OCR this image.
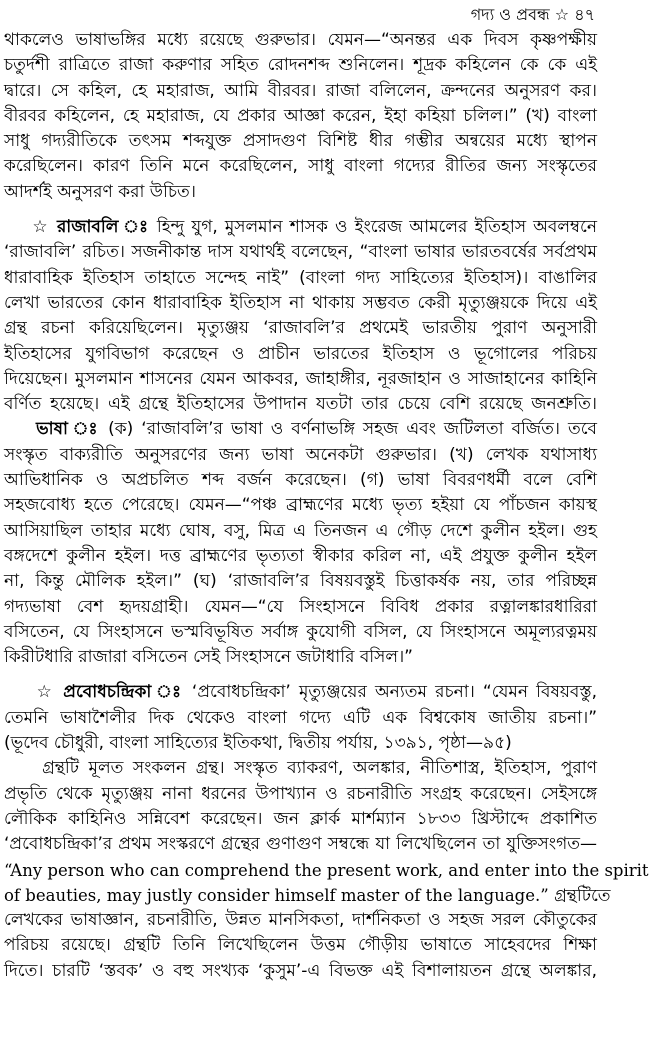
গদ্য ও প্রবন্ধ ☆ ৪৭
থাকলেও ভাষাভঙ্গির মধ্যে রয়েছে গুরুভার। যেমন—“অনন্তর এক দিবস কৃষ্ণপক্ষীয়
চতুর্দশী রাত্রিতে রাজা করুণার সহিত রোদনশব্দ শুনিলেন। শূদ্রক কহিলেন কে কে এই
দ্বারে। সে কহিল, হে মহারাজ, আমি বীরবর। রাজা বলিলেন, ক্রন্দনের অনুসরণ কর।
বীরবর কহিলেন, হে মহারাজ, যে প্রকার আজ্ঞা করেন, ইহা কহিয়া চলিল।” (খ) বাংলা
সাধু গদ্যরীতিকে তৎসম শব্দযুক্ত প্রসাদগুণ বিশিষ্ট ধীর গম্ভীর অন্বয়ের মধ্যে স্থাপন
করেছিলেন। কারণ তিনি মনে করেছিলেন, সাধু বাংলা গদ্যের রীতির জন্য সংস্কৃতের
আদর্শই অনুসরণ করা উচিত।
☆ রাজাবলি ঃ হিন্দু যুগ, মুসলমান শাসক ও ইংরেজ আমলের ইতিহাস অবলম্বনে
‘রাজাবলি’ রচিত। সজনীকান্ত দাস যথার্থই বলেছেন, “বাংলা ভাষার ভারতবর্ষের সর্বপ্রথম
ধারাবাহিক ইতিহাস তাহাতে সন্দেহ নাই” (বাংলা গদ্য সাহিত্যের ইতিহাস)। বাঙালির
লেখা ভারতের কোন ধারাবাহিক ইতিহাস না থাকায় সম্ভবত কেরী মৃত্যুঞ্জয়কে দিয়ে এই
গ্রন্থ রচনা করিয়েছিলেন। মৃত্যুঞ্জয় ‘রাজাবলি’র প্রথমেই ভারতীয় পুরাণ অনুসারী
ইতিহাসের যুগবিভাগ করেছেন ও প্রাচীন ভারতের ইতিহাস ও ভূগোলের পরিচয়
দিয়েছেন। মুসলমান শাসনের যেমন আকবর, জাহাঙ্গীর, নূরজাহান ও সাজাহানের কাহিনি
বর্ণিত হয়েছে। এই গ্রন্থে ইতিহাসের উপাদান যতটা তার চেয়ে বেশি রয়েছে জনশ্রুতি।
ভাষা ঃ (ক) ‘রাজাবলি’র ভাষা ও বর্ণনাভঙ্গি সহজ এবং জটিলতা বর্জিত। তবে
সংস্কৃত বাক্যরীতি অনুসরণের জন্য ভাষা অনেকটা গুরুভার। (খ) লেখক যথাসাধ্য
আভিধানিক ও অপ্রচলিত শব্দ বর্জন করেছেন। (গ) ভাষা বিবরণধর্মী বলে বেশি
সহজবোধ্য হতে পেরেছে। যেমন—“পঞ্চ ব্রাহ্মণের মধ্যে ভৃত্য হইয়া যে পাঁচজন কায়স্থ
আসিয়াছিল তাহার মধ্যে ঘোষ, বসু, মিত্র এ তিনজন এ গৌড় দেশে কুলীন হইল। গুহ
বঙ্গদেশে কুলীন হইল। দত্ত ব্রাহ্মণের ভৃত্যতা স্বীকার করিল না, এই প্রযুক্ত কুলীন হইল
না, কিন্তু মৌলিক হইল।” (ঘ) ‘রাজাবলি’র বিষয়বস্তুই চিত্তাকর্ষক নয়, তার পরিচ্ছন্ন
গদ্যভাষা বেশ হৃদয়গ্রাহী। যেমন—“যে সিংহাসনে বিবিধ প্রকার রত্নালঙ্কারধারিরা
বসিতেন, যে সিংহাসনে ভস্মবিভূষিত সর্বাঙ্গ কুযোগী বসিল, যে সিংহাসনে অমূল্যরত্নময়
কিরীটধারি রাজারা বসিতেন সেই সিংহাসনে জটাধারি বসিল।”
☆ প্রবোধচন্দ্রিকা ঃ ‘প্রবোধচন্দ্রিকা’ মৃত্যুঞ্জয়ের অন্যতম রচনা। “যেমন বিষয়বস্তু,
তেমনি ভাষাশৈলীর দিক থেকেও বাংলা গদ্যে এটি এক বিশ্বকোষ জাতীয় রচনা।”
(ভূদেব চৌধুরী, বাংলা সাহিত্যের ইতিকথা, দ্বিতীয় পর্যায়, ১৩৯১, পৃষ্ঠা—৯৫)
গ্রন্থটি মূলত সংকলন গ্রন্থ। সংস্কৃত ব্যাকরণ, অলঙ্কার, নীতিশাস্ত্র, ইতিহাস, পুরাণ
প্রভৃতি থেকে মৃত্যুঞ্জয় নানা ধরনের উপাখ্যান ও রচনারীতি সংগ্রহ করেছেন। সেইসঙ্গে
লৌকিক কাহিনিও সন্নিবেশ করেছেন। জন ক্লার্ক মার্শম্যান ১৮৩৩ খ্রিস্টাব্দে প্রকাশিত
‘প্রবোধচন্দ্রিকা’র প্রথম সংস্করণে গ্রন্থের গুণাগুণ সম্বন্ধে যা লিখেছিলেন তা যুক্তিসংগত—
“Any person who can comprehend the present work, and enter into the spirit
of beauties, may justly consider himself master of the language.” গ্রন্থটিতে
লেখকের ভাষাজ্ঞান, রচনারীতি, উন্নত মানসিকতা, দার্শনিকতা ও সহজ সরল কৌতুকের
পরিচয় রয়েছে। গ্রন্থটি তিনি লিখেছিলেন উত্তম গৌড়ীয় ভাষাতে সাহেবদের শিক্ষা
দিতে। চারটি ‘স্তবক’ ও বহু সংখ্যক ‘কুসুম’-এ বিভক্ত এই বিশালায়তন গ্রন্থে অলঙ্কার,
